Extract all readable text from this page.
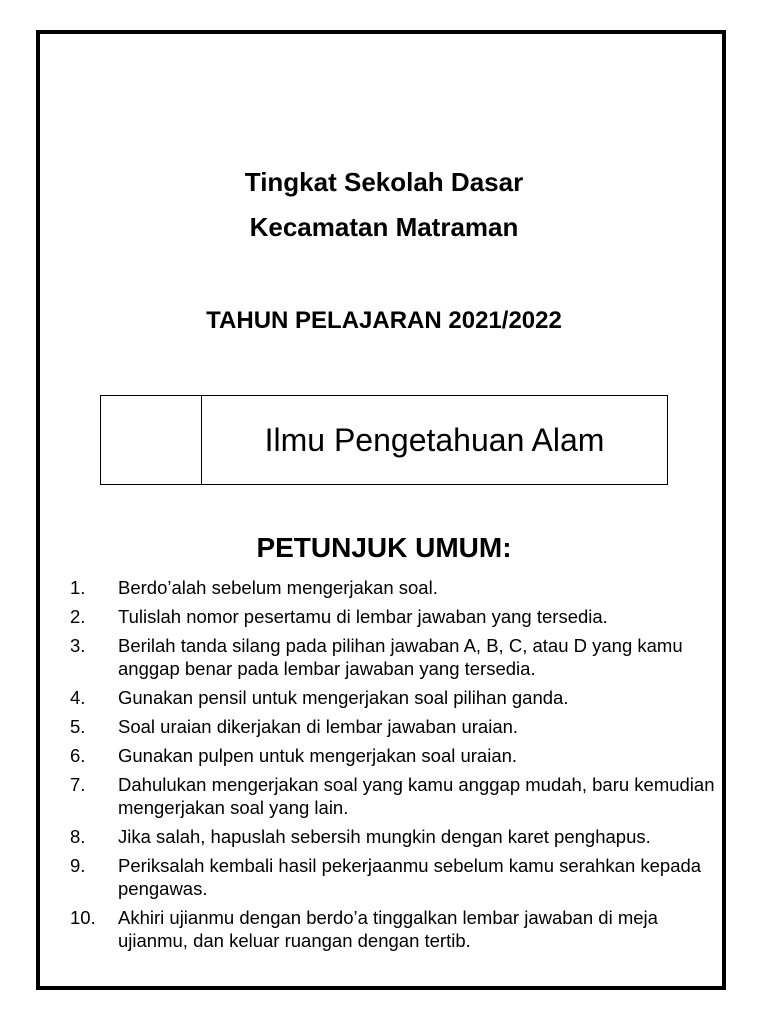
Tingkat Sekolah Dasar
Kecamatan Matraman
TAHUN PELAJARAN 2021/2022
Ilmu Pengetahuan Alam
PETUNJUK UMUM:
1.	Berdo’alah sebelum mengerjakan soal.
2.	Tulislah nomor pesertamu di lembar jawaban yang tersedia.
3.	Berilah tanda silang pada pilihan jawaban A, B, C, atau D yang kamu anggap benar pada lembar jawaban yang tersedia.
4.	Gunakan pensil untuk mengerjakan soal pilihan ganda.
5.	Soal uraian dikerjakan di lembar jawaban uraian.
6.	Gunakan pulpen untuk mengerjakan soal uraian.
7.	Dahulukan mengerjakan soal yang kamu anggap mudah, baru kemudian mengerjakan soal yang lain.
8.	Jika salah, hapuslah sebersih mungkin dengan karet penghapus.
9.	Periksalah kembali hasil pekerjaanmu sebelum kamu serahkan kepada pengawas.
10.	Akhiri ujianmu dengan berdo’a tinggalkan lembar jawaban di meja ujianmu, dan keluar ruangan dengan tertib.
